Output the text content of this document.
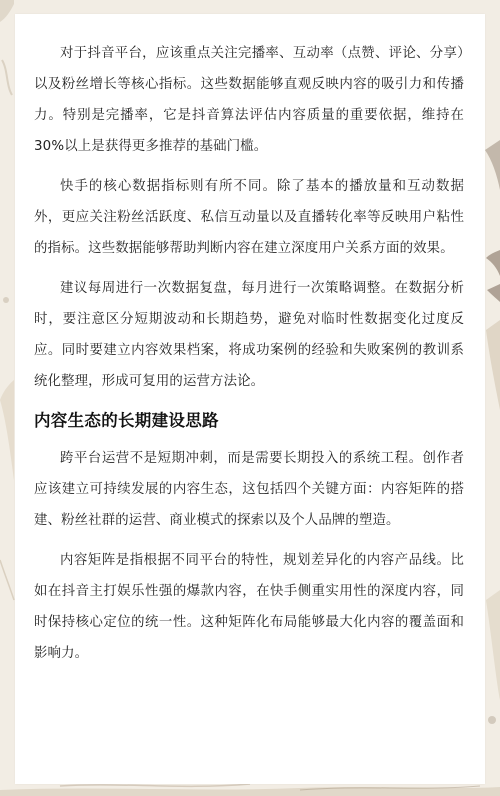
对于抖音平台，应该重点关注完播率、互动率（点赞、评论、分享）以及粉丝增长等核心指标。这些数据能够直观反映内容的吸引力和传播力。特别是完播率，它是抖音算法评估内容质量的重要依据，维持在 30%以上是获得更多推荐的基础门槛。

快手的核心数据指标则有所不同。除了基本的播放量和互动数据外，更应关注粉丝活跃度、私信互动量以及直播转化率等反映用户粘性的指标。这些数据能够帮助判断内容在建立深度用户关系方面的效果。

建议每周进行一次数据复盘，每月进行一次策略调整。在数据分析时，要注意区分短期波动和长期趋势，避免对临时性数据变化过度反应。同时要建立内容效果档案，将成功案例的经验和失败案例的教训系统化整理，形成可复用的运营方法论。

内容生态的长期建设思路

跨平台运营不是短期冲刺，而是需要长期投入的系统工程。创作者应该建立可持续发展的内容生态，这包括四个关键方面：内容矩阵的搭建、粉丝社群的运营、商业模式的探索以及个人品牌的塑造。

内容矩阵是指根据不同平台的特性，规划差异化的内容产品线。比如在抖音主打娱乐性强的爆款内容，在快手侧重实用性的深度内容，同时保持核心定位的统一性。这种矩阵化布局能够最大化内容的覆盖面和影响力。
